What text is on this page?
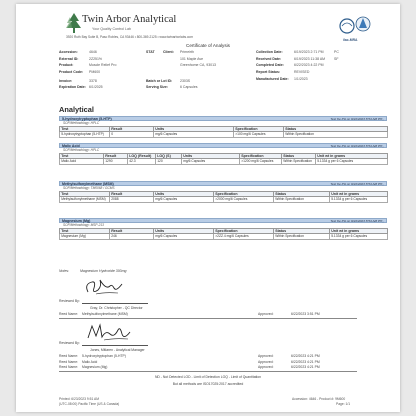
Twin Arbor Analytical
Your Quality Control Lab
3920 Ruth Bay Suite B, Paso Robles, CA 93446 • 800-369-2125 • www.twinarborlabs.com
ilac-MRA
Certificate of Analysis
Accession:	4646
External ID:	2Z251%
Product:	Muscle Relief Pro
Product Code:	PM600
Invoice:	3378
Expiration Date: 6/1/2025
STAT	Client:	Primeirth
101 Maple Ave
Greenhome CA, 93013
Batch or Lot ID:	2303S
Serving Size:	6 Capsules
Collection Date:	6/19/2023 2:71 PM	PC
Received Date:	6/19/2023 11:38 AM	SF
Completed Date:	6/22/2023 4:22 PM
Report Status:	REVISED
Manufactured Date:	1/1/2023
Analytical
5-hydroxytryptophan (5-HTP)	Test Ke PU on 6/22/2023 8:54 AM PH,,
SOP/Methodology: HPLC
Test	Result	Units	Specification	Status
5-hydroxytryptophan (5-HTP)	0	mg/6 Capsules	>100 mg/6 Capsules	Within Specification
Malic Acid	Test Ke PU on 6/22/2023 8:54 AM PH,,
SOP/Methodology: HPLC
Test	Result	LOQ (Result)	LOQ (S)	Units	Specification	Status	Unit wt in grams
Malic Acid	1290	42.3	120	mg/6 Capsules	>1200 mg/6 Capsules	Within Specification	5.1334 g per 6 Capsules
Methylsulfonylmethane (MSM)	Test Ke PU on 6/22/2023 8:54 AM PH,,
SOP/Methodology: TM0068 / GCMS
Test	Result	Units	Specification	Status	Unit wt in grams
Methylsulfonylmethane (MSM)	2088	mg/6 Capsules	>2000 mg/6 Capsules	Within Specification	5.1334 g per 6 Capsules
Magnesium (Mg)	Test Ke PU on 6/22/2023 8:54 AM PH,,
SOP/Methodology: MSP-213
Test	Result	Units	Specification	Status	Unit wt in grams
Magnesium (Mg)	246	mg/6 Capsules	>2ZZ.4 mg/6 Capsules	Within Specification	5.1334 g per 6 Capsules
Notes:	Magnesium Hydroxide 300mg
Reviewed By:
Gray, Dr. Christopher - QC Director
Reed Name: Methylsulfonylmethane (MSM)	Approved:	6/22/2023 3:51 PM
Reviewed By:
Jones, Mitlaren - Analytical Manager
Reed Name: 5-hydroxytryptophan (5-HTP)	Approved:	6/22/2023 4:21 PM
Reed Name: Malic Acid	Approved:	6/22/2023 4:21 PM
Reed Name: Magnesium (Mg)	Approved:	6/22/2023 4:21 PM
ND - Not Detected LOD - Limit of Detection LOQ - Limit of Quantitation
But all methods are ISO17025:2017 accredited
Printed: 6/23/2023 9:51 AM
(UTC-08:00) Pacific Time (US & Canada)
Accession: 4646 - Product #: 9M600
Page: 1/1
